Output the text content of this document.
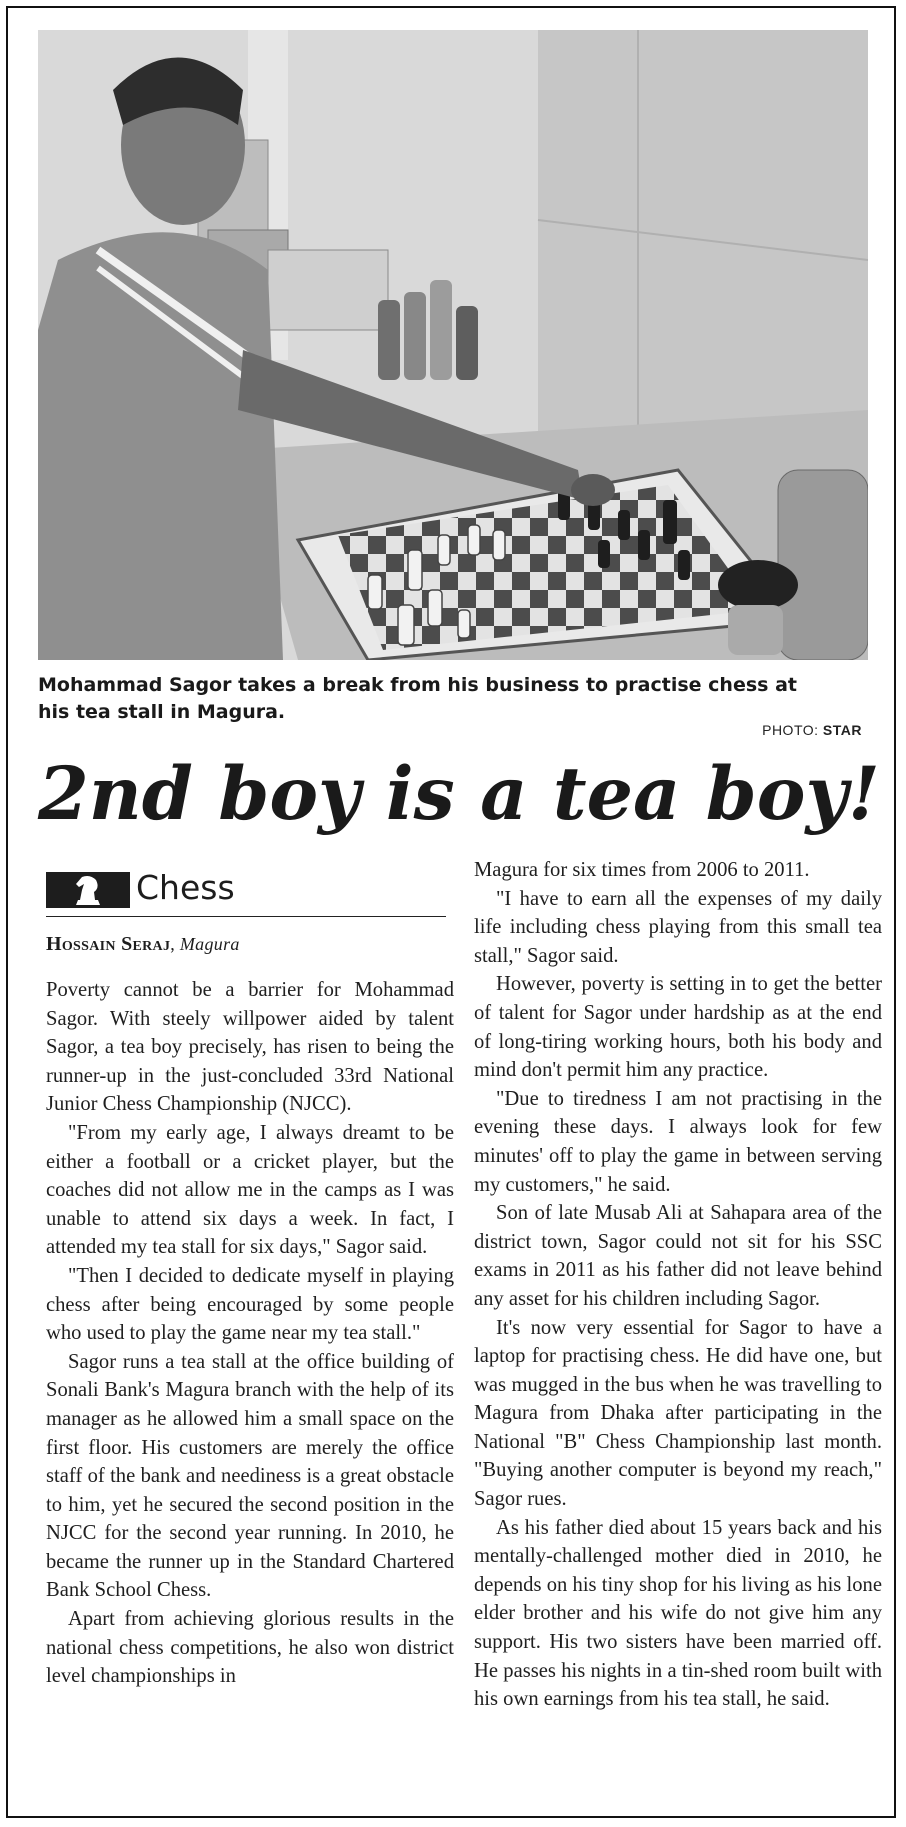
Mohammad Sagor takes a break from his business to practise chess at his tea stall in Magura.
PHOTO: STAR
2nd boy is a tea boy!
Chess
Hossain Seraj, Magura

Poverty cannot be a barrier for Mohammad Sagor. With steely willpower aided by talent Sagor, a tea boy precisely, has risen to being the runner-up in the just-concluded 33rd National Junior Chess Championship (NJCC).

"From my early age, I always dreamt to be either a football or a cricket player, but the coaches did not allow me in the camps as I was unable to attend six days a week. In fact, I attended my tea stall for six days," Sagor said.

"Then I decided to dedicate myself in playing chess after being encouraged by some people who used to play the game near my tea stall."

Sagor runs a tea stall at the office building of Sonali Bank's Magura branch with the help of its manager as he allowed him a small space on the first floor. His customers are merely the office staff of the bank and neediness is a great obstacle to him, yet he secured the second position in the NJCC for the second year running. In 2010, he became the runner up in the Standard Chartered Bank School Chess.

Apart from achieving glorious results in the national chess competitions, he also won district level championships in

Magura for six times from 2006 to 2011.

"I have to earn all the expenses of my daily life including chess playing from this small tea stall," Sagor said.

However, poverty is setting in to get the better of talent for Sagor under hardship as at the end of long-tiring working hours, both his body and mind don't permit him any practice.

"Due to tiredness I am not practising in the evening these days. I always look for few minutes' off to play the game in between serving my customers," he said.

Son of late Musab Ali at Sahapara area of the district town, Sagor could not sit for his SSC exams in 2011 as his father did not leave behind any asset for his children including Sagor.

It's now very essential for Sagor to have a laptop for practising chess. He did have one, but was mugged in the bus when he was travelling to Magura from Dhaka after participating in the National "B" Chess Championship last month. "Buying another computer is beyond my reach," Sagor rues.

As his father died about 15 years back and his mentally-challenged mother died in 2010, he depends on his tiny shop for his living as his lone elder brother and his wife do not give him any support. His two sisters have been married off. He passes his nights in a tin-shed room built with his own earnings from his tea stall, he said.
